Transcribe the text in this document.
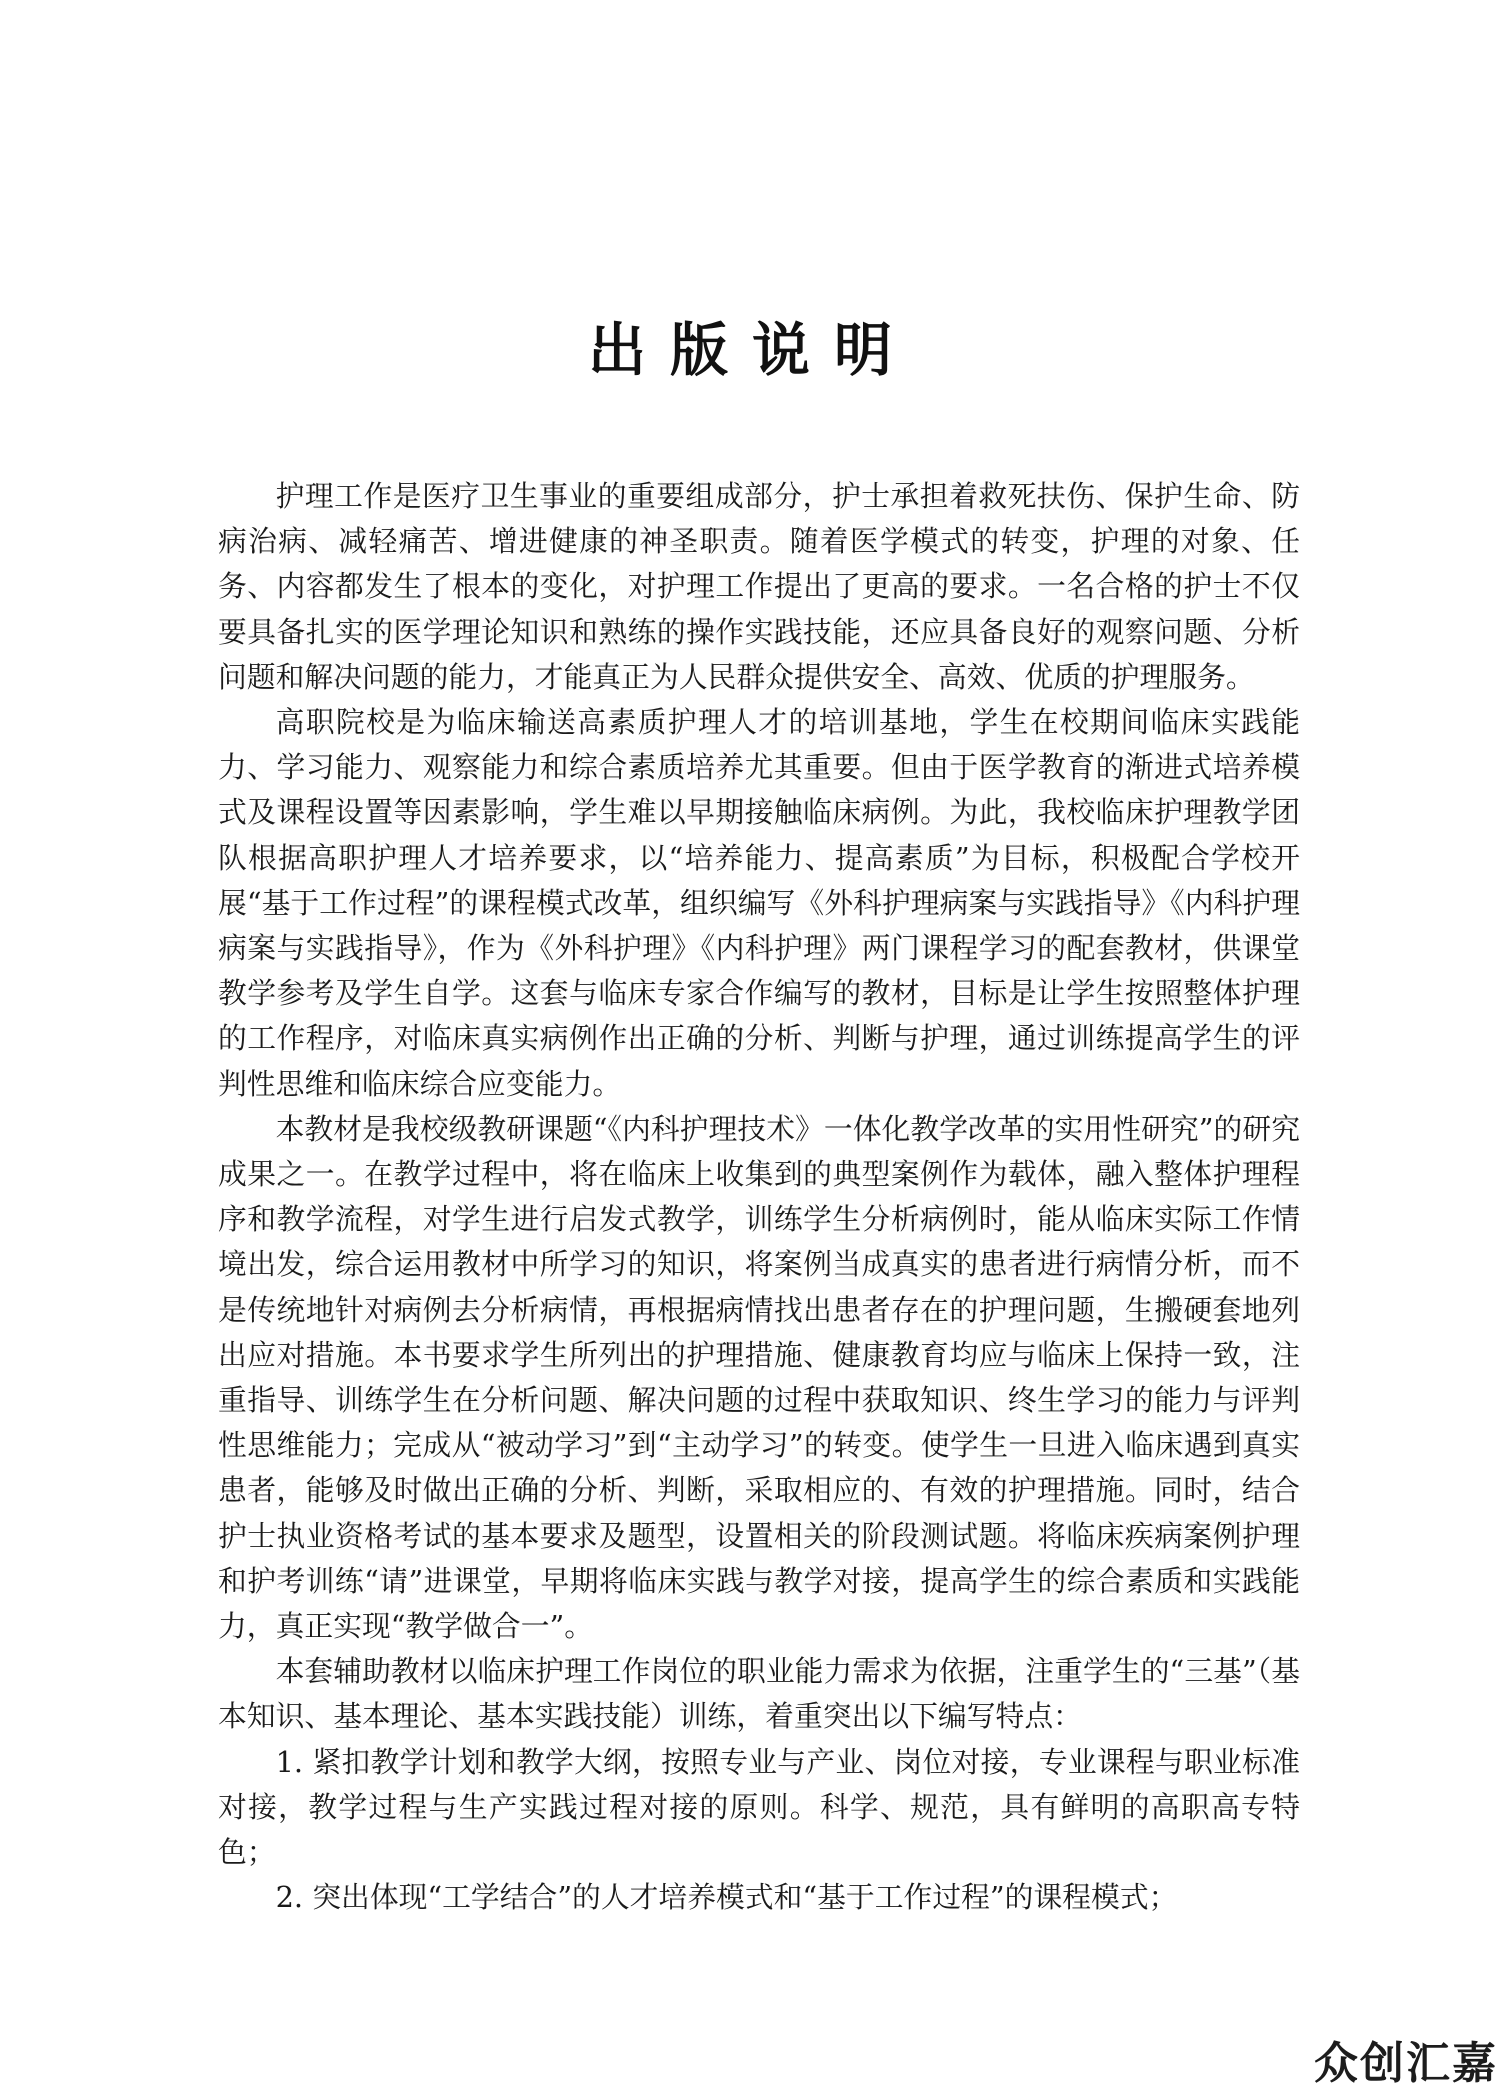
出版说明

护理工作是医疗卫生事业的重要组成部分，护士承担着救死扶伤、保护生命、防病治病、减轻痛苦、增进健康的神圣职责。随着医学模式的转变，护理的对象、任务、内容都发生了根本的变化，对护理工作提出了更高的要求。一名合格的护士不仅要具备扎实的医学理论知识和熟练的操作实践技能，还应具备良好的观察问题、分析问题和解决问题的能力，才能真正为人民群众提供安全、高效、优质的护理服务。

高职院校是为临床输送高素质护理人才的培训基地，学生在校期间临床实践能力、学习能力、观察能力和综合素质培养尤其重要。但由于医学教育的渐进式培养模式及课程设置等因素影响，学生难以早期接触临床病例。为此，我校临床护理教学团队根据高职护理人才培养要求，以“培养能力、提高素质”为目标，积极配合学校开展“基于工作过程”的课程模式改革，组织编写《外科护理病案与实践指导》《内科护理病案与实践指导》，作为《外科护理》《内科护理》两门课程学习的配套教材，供课堂教学参考及学生自学。这套与临床专家合作编写的教材，目标是让学生按照整体护理的工作程序，对临床真实病例作出正确的分析、判断与护理，通过训练提高学生的评判性思维和临床综合应变能力。

本教材是我校级教研课题“《内科护理技术》一体化教学改革的实用性研究”的研究成果之一。在教学过程中，将在临床上收集到的典型案例作为载体，融入整体护理程序和教学流程，对学生进行启发式教学，训练学生分析病例时，能从临床实际工作情境出发，综合运用教材中所学习的知识，将案例当成真实的患者进行病情分析，而不是传统地针对病例去分析病情，再根据病情找出患者存在的护理问题，生搬硬套地列出应对措施。本书要求学生所列出的护理措施、健康教育均应与临床上保持一致，注重指导、训练学生在分析问题、解决问题的过程中获取知识、终生学习的能力与评判性思维能力；完成从“被动学习”到“主动学习”的转变。使学生一旦进入临床遇到真实患者，能够及时做出正确的分析、判断，采取相应的、有效的护理措施。同时，结合护士执业资格考试的基本要求及题型，设置相关的阶段测试题。将临床疾病案例护理和护考训练“请”进课堂，早期将临床实践与教学对接，提高学生的综合素质和实践能力，真正实现“教学做合一”。

本套辅助教材以临床护理工作岗位的职业能力需求为依据，注重学生的“三基”（基本知识、基本理论、基本实践技能）训练，着重突出以下编写特点：

1. 紧扣教学计划和教学大纲，按照专业与产业、岗位对接，专业课程与职业标准对接，教学过程与生产实践过程对接的原则。科学、规范，具有鲜明的高职高专特色；

2. 突出体现“工学结合”的人才培养模式和“基于工作过程”的课程模式；

众创汇嘉
